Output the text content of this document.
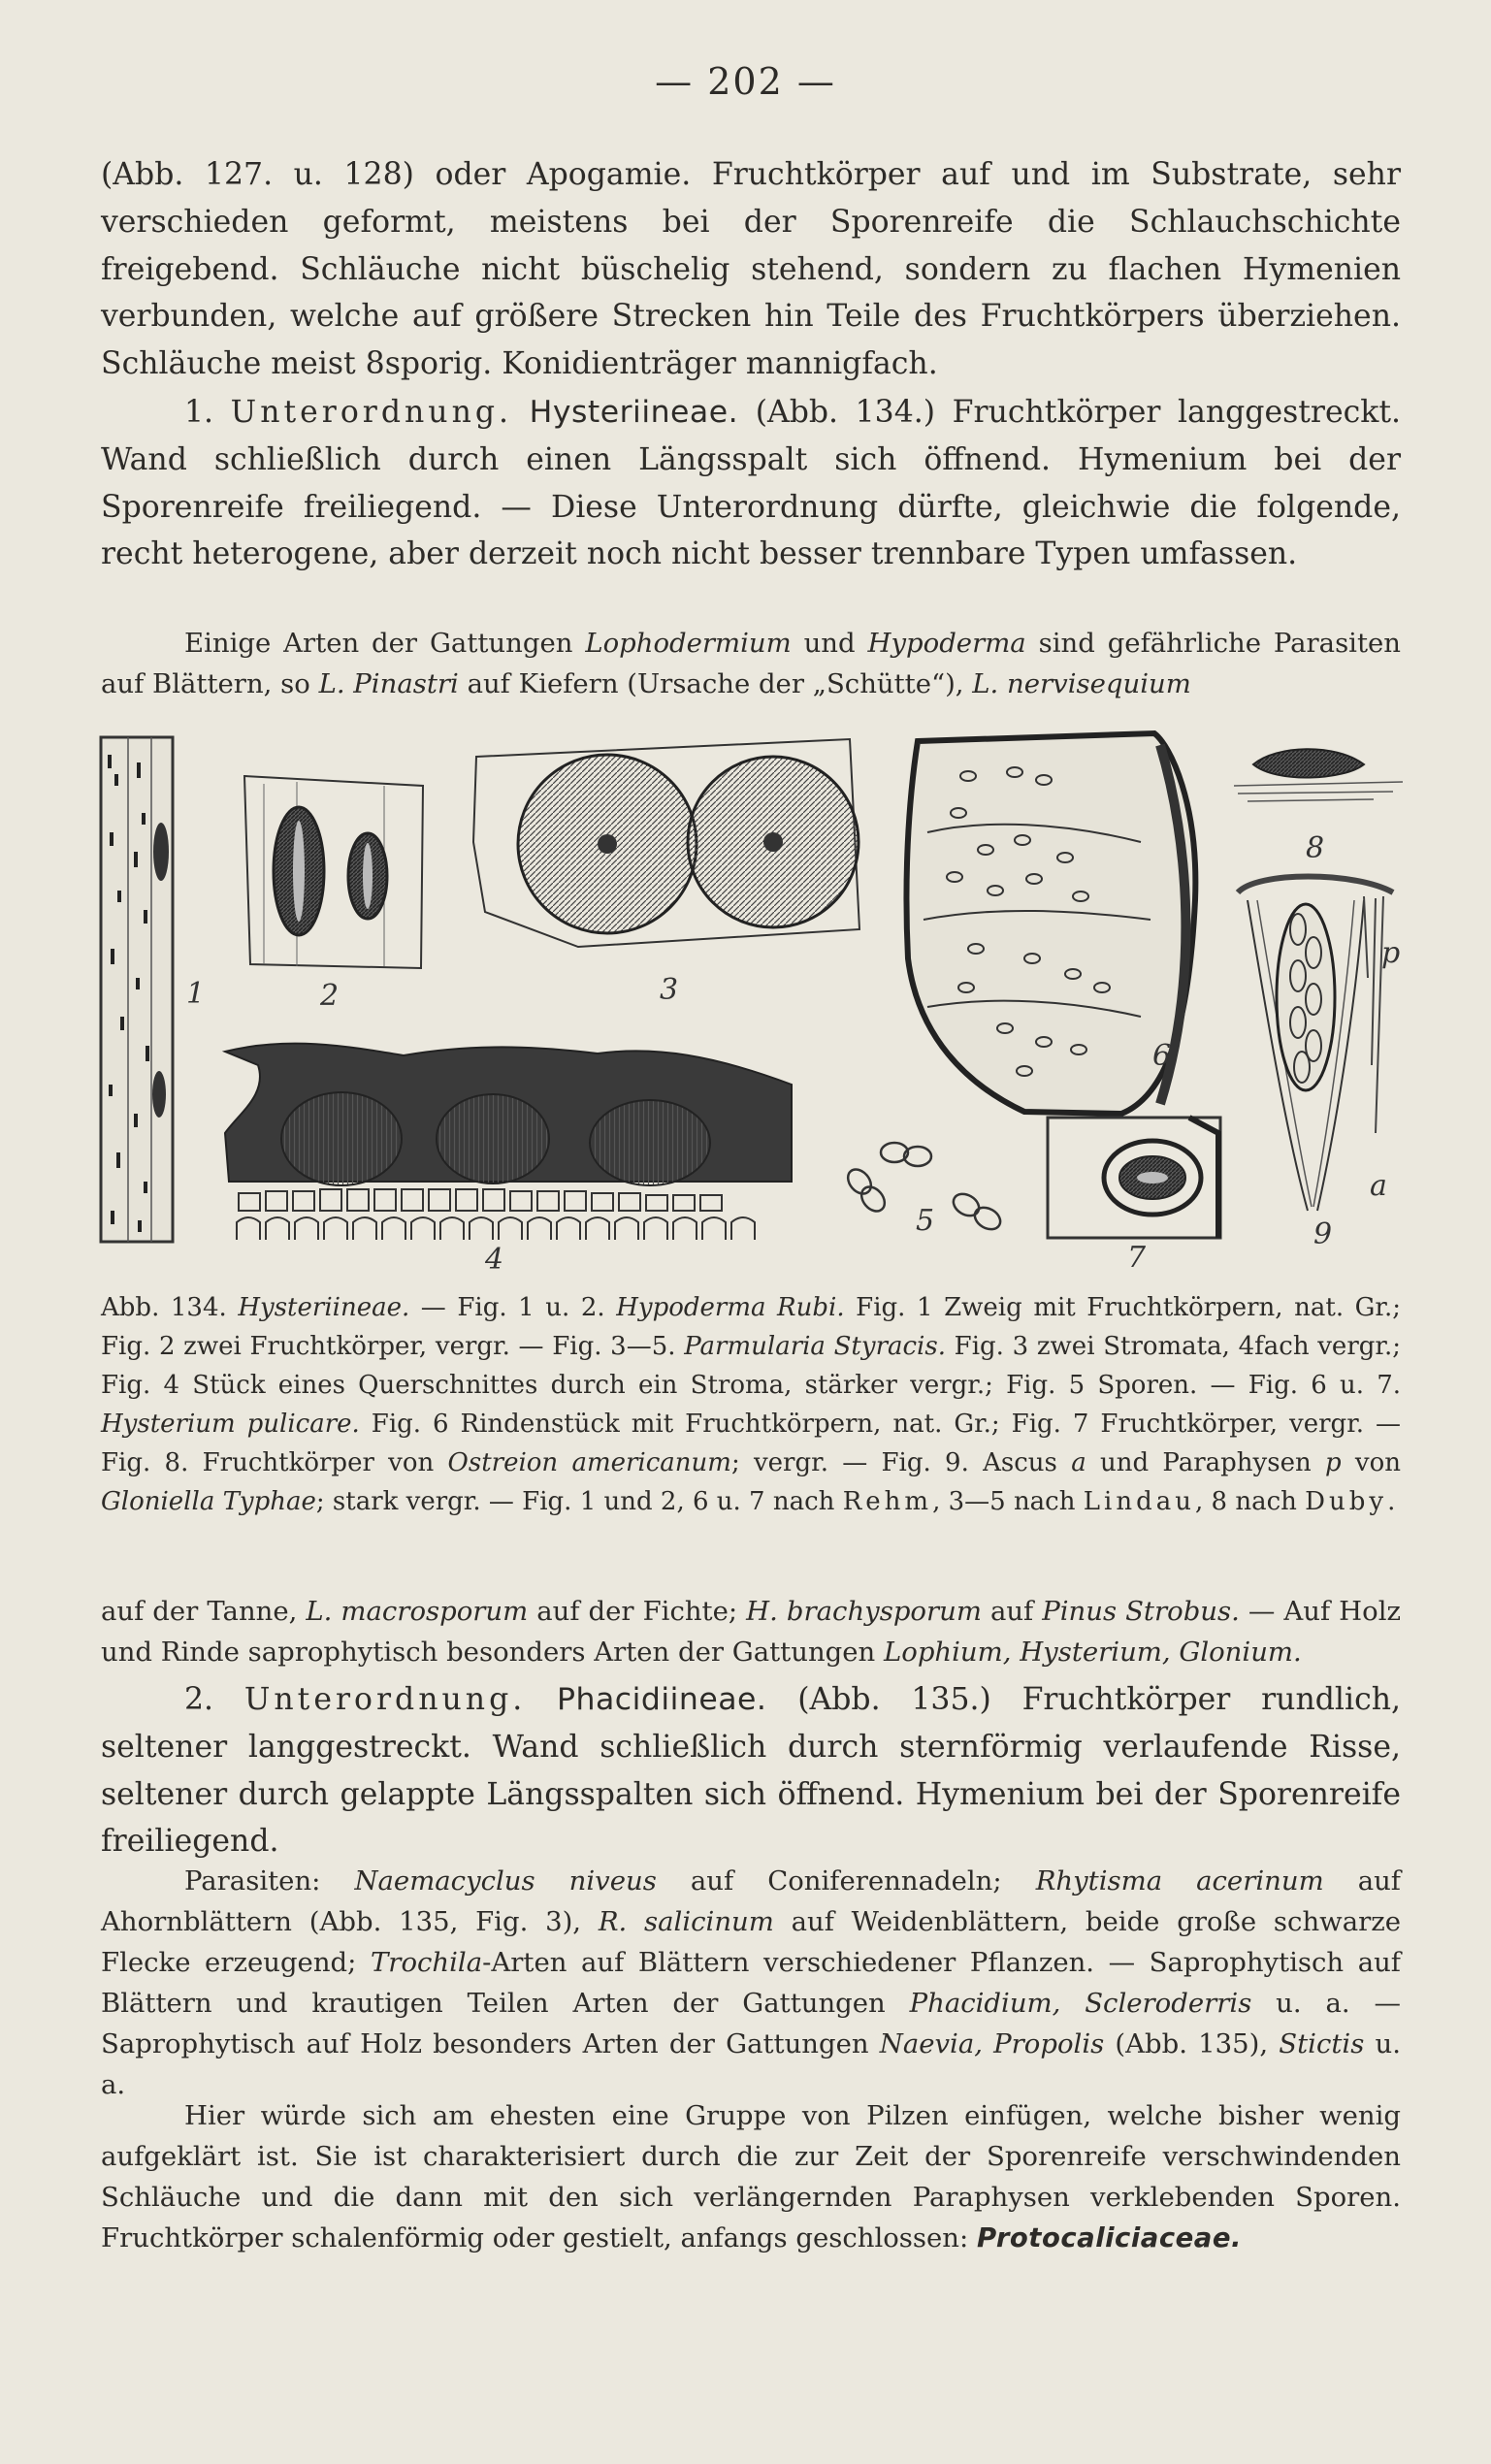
— 202 —
(Abb. 127. u. 128) oder Apogamie. Fruchtkörper auf und im Substrate, sehr verschieden geformt, meistens bei der Sporenreife die Schlauchschichte freigebend. Schläuche nicht büschelig stehend, sondern zu flachen Hymenien verbunden, welche auf größere Strecken hin Teile des Fruchtkörpers überziehen. Schläuche meist 8sporig. Konidienträger mannigfach.
1. Unterordnung. Hysteriineae. (Abb. 134.) Fruchtkörper langgestreckt. Wand schließlich durch einen Längsspalt sich öffnend. Hymenium bei der Sporenreife freiliegend. — Diese Unterordnung dürfte, gleichwie die folgende, recht heterogene, aber derzeit noch nicht besser trennbare Typen umfassen.
Einige Arten der Gattungen Lophodermium und Hypoderma sind gefährliche Parasiten auf Blättern, so L. Pinastri auf Kiefern (Ursache der „Schütte“), L. nervisequium
1	2	3
4
5
6
7
8
a
p
9
Abb. 134. Hysteriineae. — Fig. 1 u. 2. Hypoderma Rubi. Fig. 1 Zweig mit Fruchtkörpern, nat. Gr.; Fig. 2 zwei Fruchtkörper, vergr. — Fig. 3—5. Parmularia Styracis. Fig. 3 zwei Stromata, 4fach vergr.; Fig. 4 Stück eines Querschnittes durch ein Stroma, stärker vergr.; Fig. 5 Sporen. — Fig. 6 u. 7. Hysterium pulicare. Fig. 6 Rindenstück mit Fruchtkörpern, nat. Gr.; Fig. 7 Fruchtkörper, vergr. — Fig. 8. Fruchtkörper von Ostreion americanum; vergr. — Fig. 9. Ascus a und Paraphysen p von Gloniella Typhae; stark vergr. — Fig. 1 und 2, 6 u. 7 nach Rehm, 3—5 nach Lindau, 8 nach Duby.
auf der Tanne, L. macrosporum auf der Fichte; H. brachysporum auf Pinus Strobus. — Auf Holz und Rinde saprophytisch besonders Arten der Gattungen Lophium, Hysterium, Glonium.
2. Unterordnung. Phacidiineae. (Abb. 135.) Fruchtkörper rundlich, seltener langgestreckt. Wand schließlich durch sternförmig verlaufende Risse, seltener durch gelappte Längsspalten sich öffnend. Hymenium bei der Sporenreife freiliegend.
Parasiten: Naemacyclus niveus auf Coniferennadeln; Rhytisma acerinum auf Ahornblättern (Abb. 135, Fig. 3), R. salicinum auf Weidenblättern, beide große schwarze Flecke erzeugend; Trochila-Arten auf Blättern verschiedener Pflanzen. — Saprophytisch auf Blättern und krautigen Teilen Arten der Gattungen Phacidium, Scleroderris u. a. — Saprophytisch auf Holz besonders Arten der Gattungen Naevia, Propolis (Abb. 135), Stictis u. a.
Hier würde sich am ehesten eine Gruppe von Pilzen einfügen, welche bisher wenig aufgeklärt ist. Sie ist charakterisiert durch die zur Zeit der Sporenreife verschwindenden Schläuche und die dann mit den sich verlängernden Paraphysen verklebenden Sporen. Fruchtkörper schalenförmig oder gestielt, anfangs geschlossen: Protocaliciaceae.
